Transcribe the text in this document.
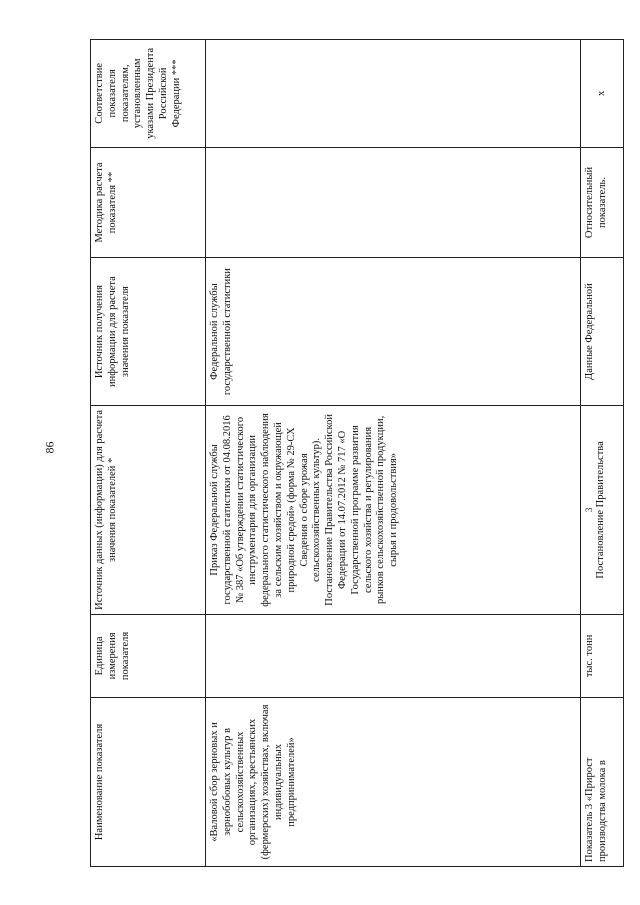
86
Наименование показателя	Единица измерения показателя	Источник данных (информации) для расчета значения показателей *	Источник получения информации для расчета значения показателя	Методика расчета показателя **	Соответствие показателя показателям, установленным указами Президента Российской Федерации ***
«Валовой сбор зерновых и зернобобовых культур в сельскохозяйственных организациях, крестьянских (фермерских) хозяйствах, включая индивидуальных предпринимателей»		Приказ Федеральной службы государственной статистики от 04.08.2016 № 387 «Об утверждении статистического инструментария для организации федерального статистического наблюдения за сельским хозяйством и окружающей природной средой» (форма № 29-СХ Сведения о сборе урожая сельскохозяйственных культур). Постановление Правительства Российской Федерации от 14.07.2012 № 717 «О Государственной программе развития сельского хозяйства и регулирования рынков сельскохозяйственной продукции, сырья и продовольствия»	Федеральной службы государственной статистики		
Показатель 3 «Прирост производства молока в	тыс. тонн	3 Постановление Правительства	Данные Федеральной	Относительный показатель.	х
